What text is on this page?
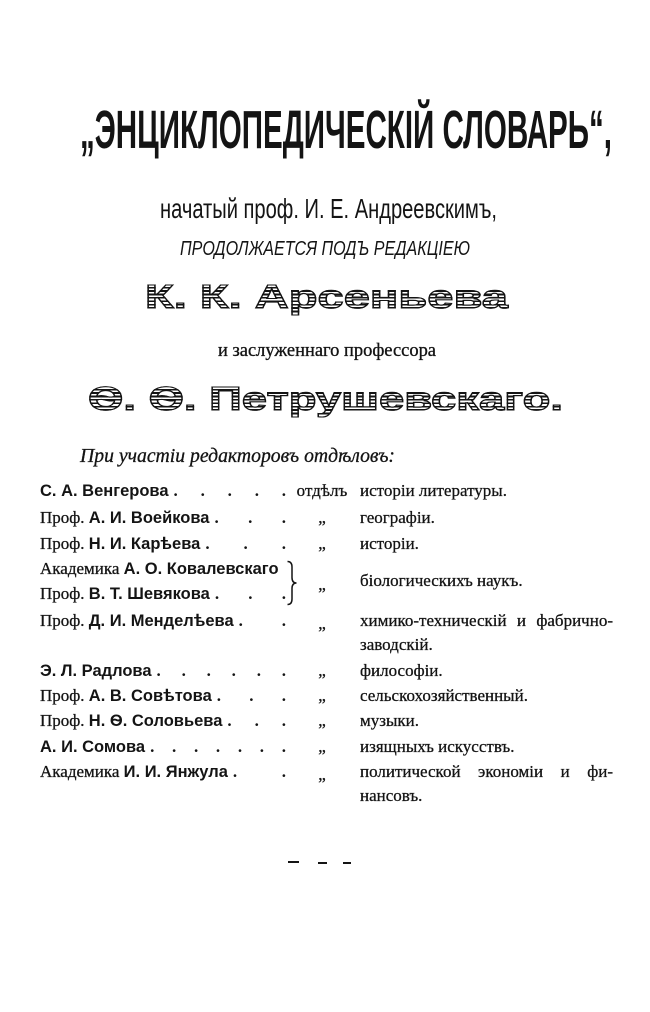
„ЭНЦИКЛОПЕДИЧЕСКІЙ СЛОВАРЬ“,
начатый проф. И. Е. Андреевскимъ,
ПРОДОЛЖАЕТСЯ ПОДЪ РЕДАКЦІЕЮ
К. К. Арсеньева
и заслуженнаго профессора
Ѳ. Ѳ. Петрушевскаго.
При участіи редакторовъ отдѣловъ:
С. А. Венгерова . . . . . отдѣлъ исторіи литературы.
Проф. А. И. Воейкова . . .	„	географіи.
Проф. Н. И. Карѣева . . .	„	исторіи.
Академика А. О. Ковалевскаго
Проф. В. Т. Шевякова . . .	„	біологическихъ наукъ.
Проф. Д. И. Менделѣева . .	„	химико-техническій и фабрично-
заводскій.
Э. Л. Радлова . . . . . .	„	философіи.
Проф. А. В. Совѣтова . . .	„	сельскохозяйственный.
Проф. Н. Ѳ. Соловьева . . .	„	музыки.
А. И. Сомова . . . . . . .	„	изящныхъ искусствъ.
Академика И. И. Янжула . .	„	политической экономіи и фи-
нансовъ.
